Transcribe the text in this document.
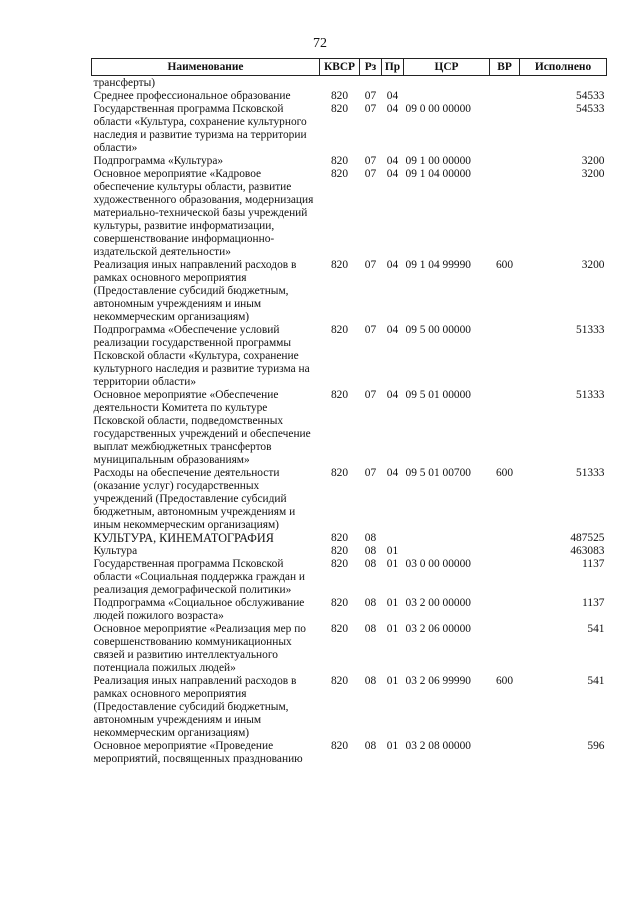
72
Наименование	КВСР	Рз	Пр	ЦСР	ВР	Исполнено
трансферты)						
Среднее профессиональное образование	820	07	04			54533
Государственная программа Псковской области «Культура, сохранение культурного наследия и развитие туризма на территории области»	820	07	04	09 0 00 00000		54533
Подпрограмма «Культура»	820	07	04	09 1 00 00000		3200
Основное мероприятие «Кадровое обеспечение культуры области, развитие художественного образования, модернизация материально-технической базы учреждений культуры, развитие информатизации, совершенствование информационно-издательской деятельности»	820	07	04	09 1 04 00000		3200
Реализация иных направлений расходов в рамках основного мероприятия (Предоставление субсидий бюджетным, автономным учреждениям и иным некоммерческим организациям)	820	07	04	09 1 04 99990	600	3200
Подпрограмма «Обеспечение условий реализации государственной программы Псковской области «Культура, сохранение культурного наследия и развитие туризма на территории области»	820	07	04	09 5 00 00000		51333
Основное мероприятие «Обеспечение деятельности Комитета по культуре Псковской области, подведомственных государственных учреждений и обеспечение выплат межбюджетных трансфертов муниципальным образованиям»	820	07	04	09 5 01 00000		51333
Расходы на обеспечение деятельности (оказание услуг) государственных учреждений (Предоставление субсидий бюджетным, автономным учреждениям и иным некоммерческим организациям)	820	07	04	09 5 01 00700	600	51333
КУЛЬТУРА, КИНЕМАТОГРАФИЯ	820	08				487525
Культура	820	08	01			463083
Государственная программа Псковской области «Социальная поддержка граждан и реализация демографической политики»	820	08	01	03 0 00 00000		1137
Подпрограмма «Социальное обслуживание людей пожилого возраста»	820	08	01	03 2 00 00000		1137
Основное мероприятие «Реализация мер по совершенствованию коммуникационных связей и развитию интеллектуального потенциала пожилых людей»	820	08	01	03 2 06 00000		541
Реализация иных направлений расходов в рамках основного мероприятия (Предоставление субсидий бюджетным, автономным учреждениям и иным некоммерческим организациям)	820	08	01	03 2 06 99990	600	541
Основное мероприятие «Проведение мероприятий, посвященных празднованию	820	08	01	03 2 08 00000		596
